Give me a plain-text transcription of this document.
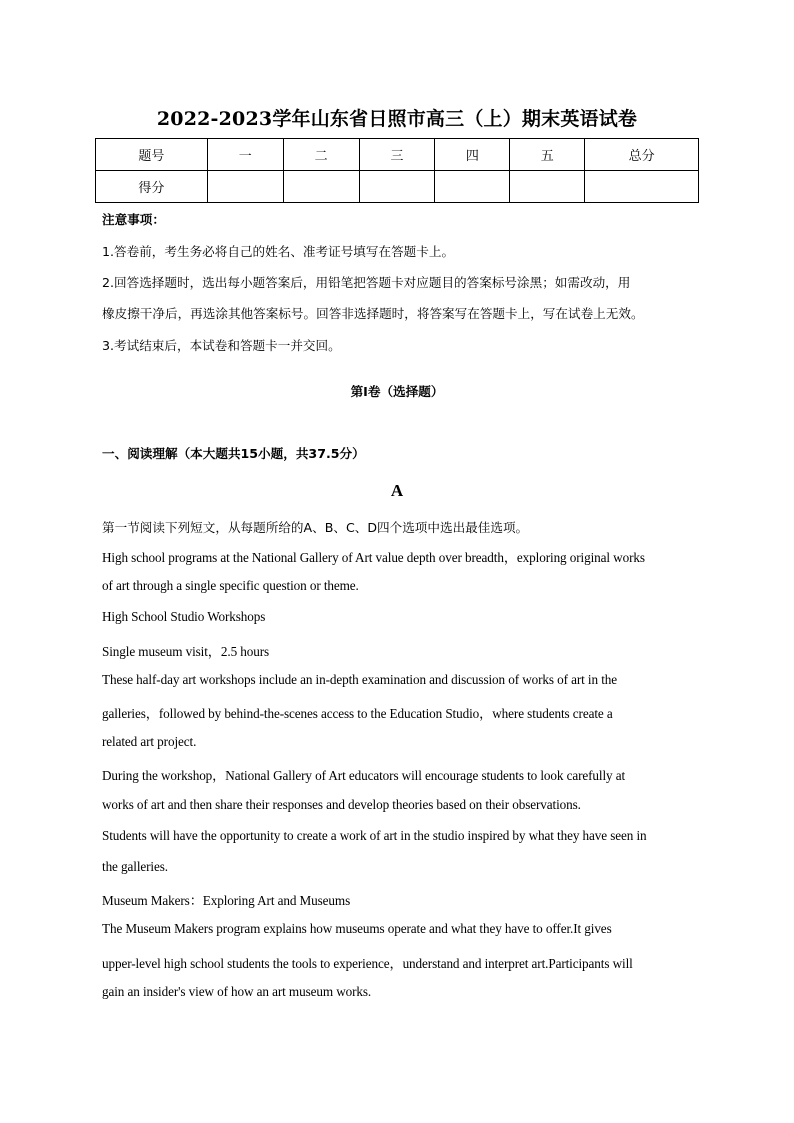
2022-2023学年山东省日照市高三（上）期末英语试卷
题号	一	二	三	四	五	总分
得分						
注意事项：
1.答卷前，考生务必将自己的姓名、准考证号填写在答题卡上。
2.回答选择题时，选出每小题答案后，用铅笔把答题卡对应题目的答案标号涂黑；如需改动，用
橡皮擦干净后，再选涂其他答案标号。回答非选择题时，将答案写在答题卡上，写在试卷上无效。
3.考试结束后，本试卷和答题卡一并交回。
第I卷（选择题）
一、阅读理解（本大题共15小题，共37.5分）
A
第一节阅读下列短文，从每题所给的A、B、C、D四个选项中选出最佳选项。
High school programs at the National Gallery of Art value depth over breadth，exploring original works
of art through a single specific question or theme.
High School Studio Workshops
Single museum visit，2.5 hours
These half-day art workshops include an in-depth examination and discussion of works of art in the
galleries，followed by behind-the-scenes access to the Education Studio，where students create a
related art project.
During the workshop，National Gallery of Art educators will encourage students to look carefully at
works of art and then share their responses and develop theories based on their observations.
Students will have the opportunity to create a work of art in the studio inspired by what they have seen in
the galleries.
Museum Makers：Exploring Art and Museums
The Museum Makers program explains how museums operate and what they have to offer.It gives
upper-level high school students the tools to experience，understand and interpret art.Participants will
gain an insider's view of how an art museum works.
